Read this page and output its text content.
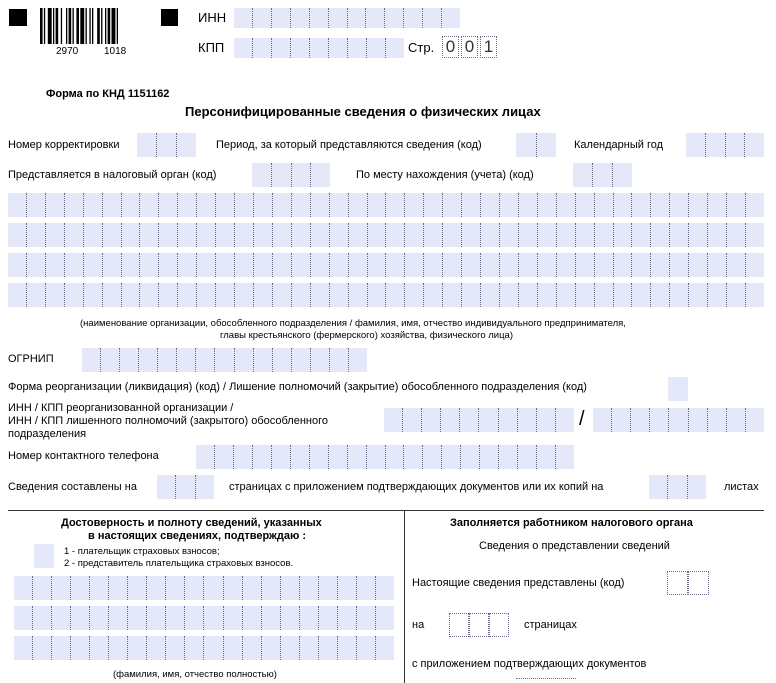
2970	1018
ИНН
КПП	Стр. 0 0 1
Форма по КНД 1151162
Персонифицированные сведения о физических лицах
Номер корректировки	Период, за который представляются сведения (код)	Календарный год
Представляется в налоговый орган (код)	По месту нахождения (учета) (код)
(наименование организации, обособленного подразделения / фамилия, имя, отчество индивидуального предпринимателя,
главы крестьянского (фермерского) хозяйства, физического лица)
ОГРНИП
Форма реорганизации (ликвидация) (код) / Лишение полномочий (закрытие) обособленного подразделения (код)
ИНН / КПП реорганизованной организации /
ИНН / КПП лишенного полномочий (закрытого) обособленного
подразделения
/
Номер контактного телефона
Сведения составлены на	страницах с приложением подтверждающих документов или их копий на	листах
Достоверность и полноту сведений, указанных
в настоящих сведениях, подтверждаю :
1 - плательщик страховых взносов;
2 - представитель плательщика страховых взносов.
(фамилия, имя, отчество полностью)
Заполняется работником налогового органа
Сведения о представлении сведений
Настоящие сведения представлены (код)
на	страницах
с приложением подтверждающих документов
